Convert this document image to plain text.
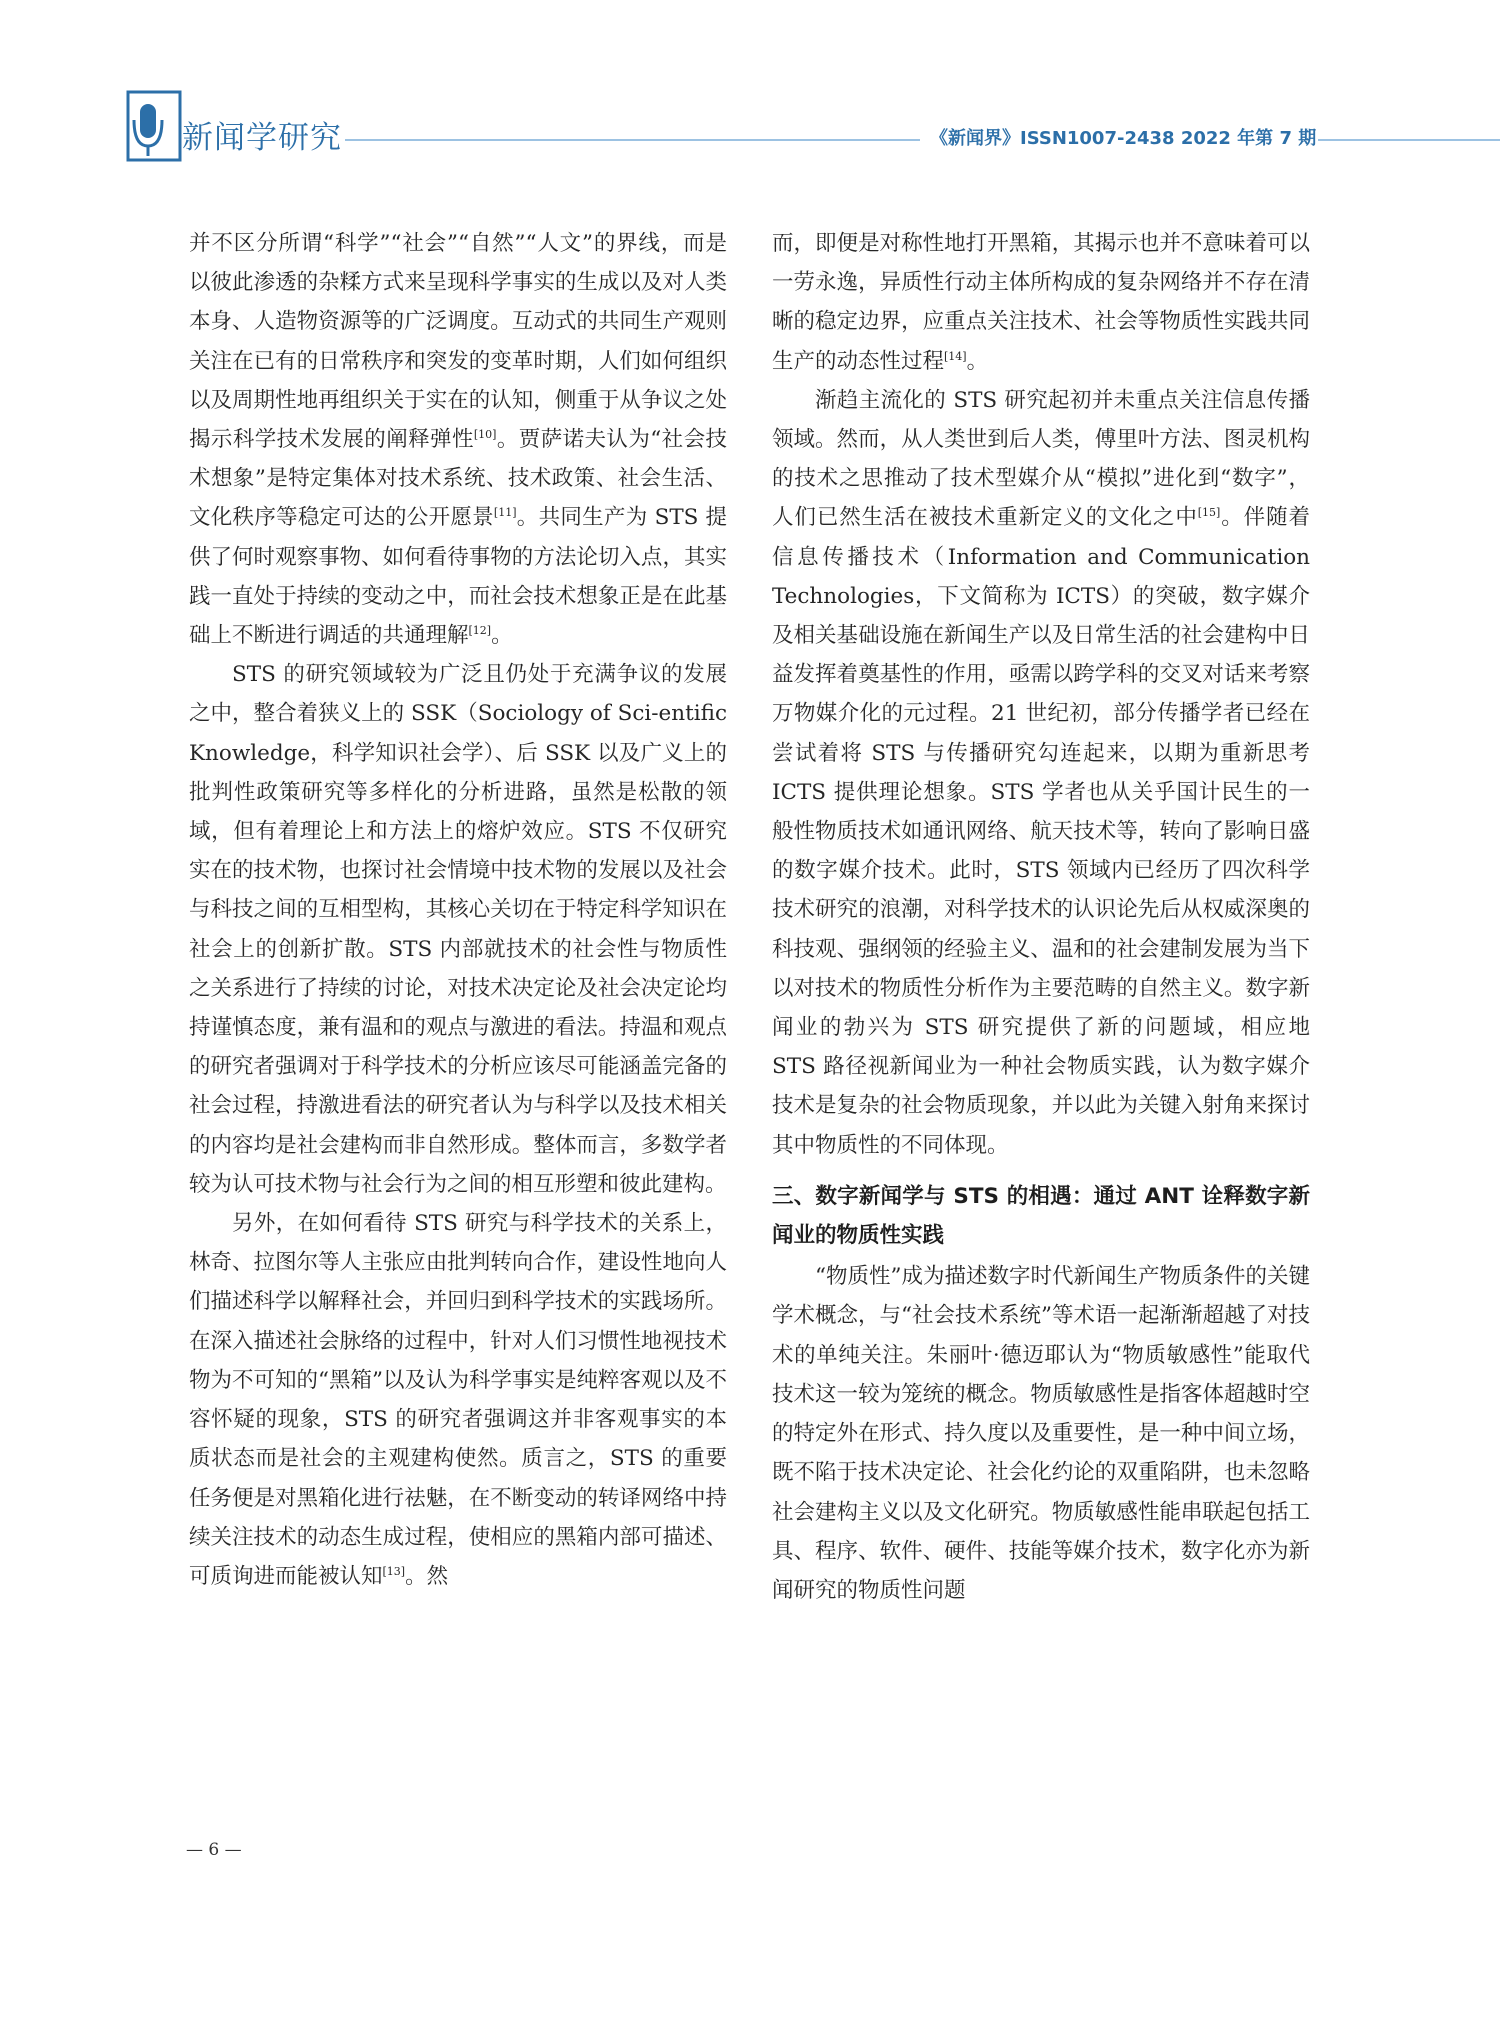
新闻学研究	《新闻界》ISSN1007-2438 2022 年第 7 期

并不区分所谓“科学”“社会”“自然”“人文”的界线，而是以彼此渗透的杂糅方式来呈现科学事实的生成以及对人类本身、人造物资源等的广泛调度。互动式的共同生产观则关注在已有的日常秩序和突发的变革时期，人们如何组织以及周期性地再组织关于实在的认知，侧重于从争议之处揭示科学技术发展的阐释弹性[10]。贾萨诺夫认为“社会技术想象”是特定集体对技术系统、技术政策、社会生活、文化秩序等稳定可达的公开愿景[11]。共同生产为 STS 提供了何时观察事物、如何看待事物的方法论切入点，其实践一直处于持续的变动之中，而社会技术想象正是在此基础上不断进行调适的共通理解[12]。

STS 的研究领域较为广泛且仍处于充满争议的发展之中，整合着狭义上的 SSK（Sociology of Sci-entific Knowledge，科学知识社会学）、后 SSK 以及广义上的批判性政策研究等多样化的分析进路，虽然是松散的领域，但有着理论上和方法上的熔炉效应。STS 不仅研究实在的技术物，也探讨社会情境中技术物的发展以及社会与科技之间的互相型构，其核心关切在于特定科学知识在社会上的创新扩散。STS 内部就技术的社会性与物质性之关系进行了持续的讨论，对技术决定论及社会决定论均持谨慎态度，兼有温和的观点与激进的看法。持温和观点的研究者强调对于科学技术的分析应该尽可能涵盖完备的社会过程，持激进看法的研究者认为与科学以及技术相关的内容均是社会建构而非自然形成。整体而言，多数学者较为认可技术物与社会行为之间的相互形塑和彼此建构。

另外，在如何看待 STS 研究与科学技术的关系上，林奇、拉图尔等人主张应由批判转向合作，建设性地向人们描述科学以解释社会，并回归到科学技术的实践场所。在深入描述社会脉络的过程中，针对人们习惯性地视技术物为不可知的“黑箱”以及认为科学事实是纯粹客观以及不容怀疑的现象，STS 的研究者强调这并非客观事实的本质状态而是社会的主观建构使然。质言之，STS 的重要任务便是对黑箱化进行祛魅，在不断变动的转译网络中持续关注技术的动态生成过程，使相应的黑箱内部可描述、可质询进而能被认知[13]。然

而，即便是对称性地打开黑箱，其揭示也并不意味着可以一劳永逸，异质性行动主体所构成的复杂网络并不存在清晰的稳定边界，应重点关注技术、社会等物质性实践共同生产的动态性过程[14]。

渐趋主流化的 STS 研究起初并未重点关注信息传播领域。然而，从人类世到后人类，傅里叶方法、图灵机构的技术之思推动了技术型媒介从“模拟”进化到“数字”，人们已然生活在被技术重新定义的文化之中[15]。伴随着信息传播技术（Information and Communication Technologies，下文简称为 ICTS）的突破，数字媒介及相关基础设施在新闻生产以及日常生活的社会建构中日益发挥着奠基性的作用，亟需以跨学科的交叉对话来考察万物媒介化的元过程。21 世纪初，部分传播学者已经在尝试着将 STS 与传播研究勾连起来，以期为重新思考 ICTS 提供理论想象。STS 学者也从关乎国计民生的一般性物质技术如通讯网络、航天技术等，转向了影响日盛的数字媒介技术。此时，STS 领域内已经历了四次科学技术研究的浪潮，对科学技术的认识论先后从权威深奥的科技观、强纲领的经验主义、温和的社会建制发展为当下以对技术的物质性分析作为主要范畴的自然主义。数字新闻业的勃兴为 STS 研究提供了新的问题域，相应地 STS 路径视新闻业为一种社会物质实践，认为数字媒介技术是复杂的社会物质现象，并以此为关键入射角来探讨其中物质性的不同体现。

三、数字新闻学与 STS 的相遇：通过 ANT 诠释数字新闻业的物质性实践

“物质性”成为描述数字时代新闻生产物质条件的关键学术概念，与“社会技术系统”等术语一起渐渐超越了对技术的单纯关注。朱丽叶·德迈耶认为“物质敏感性”能取代技术这一较为笼统的概念。物质敏感性是指客体超越时空的特定外在形式、持久度以及重要性，是一种中间立场，既不陷于技术决定论、社会化约论的双重陷阱，也未忽略社会建构主义以及文化研究。物质敏感性能串联起包括工具、程序、软件、硬件、技能等媒介技术，数字化亦为新闻研究的物质性问题

— 6 —
